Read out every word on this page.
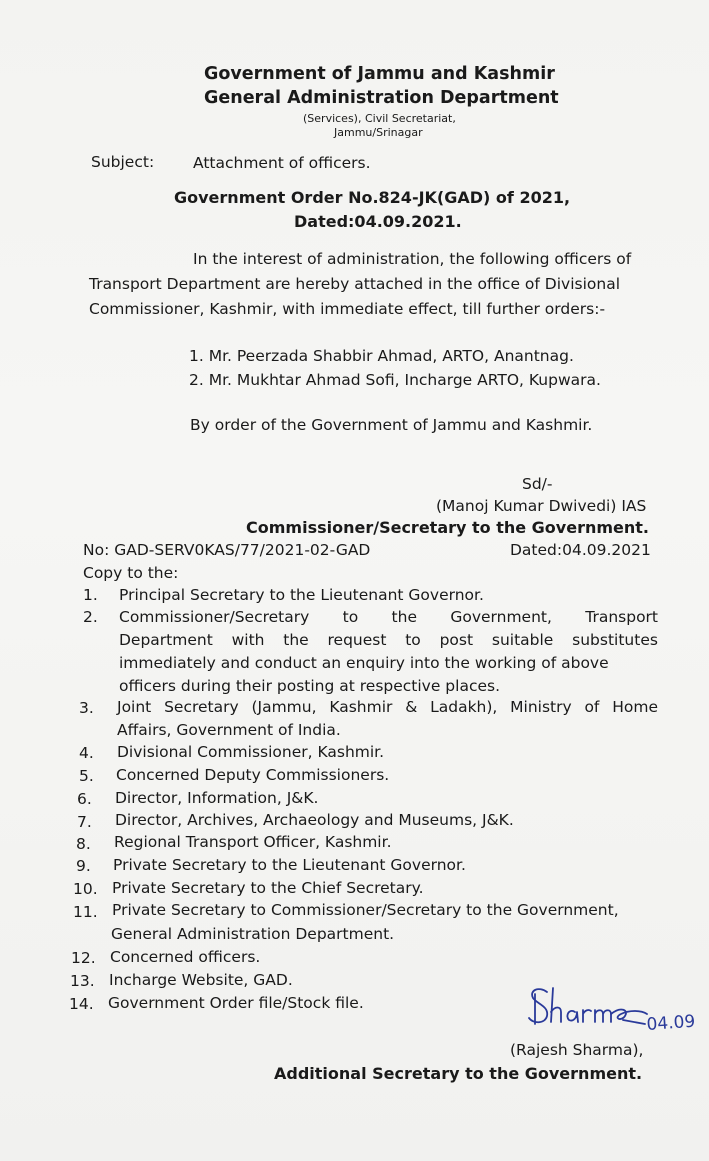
Government of Jammu and Kashmir
General Administration Department
(Services), Civil Secretariat,
Jammu/Srinagar
Subject:	Attachment of officers.
Government Order No.824-JK(GAD) of 2021,
Dated:04.09.2021.
In the interest of administration, the following officers of
Transport Department are hereby attached in the office of Divisional
Commissioner, Kashmir, with immediate effect, till further orders:-
1. Mr. Peerzada Shabbir Ahmad, ARTO, Anantnag.
2. Mr. Mukhtar Ahmad Sofi, Incharge ARTO, Kupwara.
By order of the Government of Jammu and Kashmir.
Sd/-
(Manoj Kumar Dwivedi) IAS
Commissioner/Secretary to the Government.
No: GAD-SERV0KAS/77/2021-02-GAD	Dated:04.09.2021
Copy to the:
1. Principal Secretary to the Lieutenant Governor.
2. Commissioner/Secretary to the Government, Transport
Department with the request to post suitable substitutes
immediately and conduct an enquiry into the working of above
officers during their posting at respective places.
3. Joint Secretary (Jammu, Kashmir & Ladakh), Ministry of Home
Affairs, Government of India.
4. Divisional Commissioner, Kashmir.
5. Concerned Deputy Commissioners.
6. Director, Information, J&K.
7. Director, Archives, Archaeology and Museums, J&K.
8. Regional Transport Officer, Kashmir.
9. Private Secretary to the Lieutenant Governor.
10. Private Secretary to the Chief Secretary.
11. Private Secretary to Commissioner/Secretary to the Government,
General Administration Department.
12. Concerned officers.
13. Incharge Website, GAD.
14. Government Order file/Stock file.
04.09
(Rajesh Sharma),
Additional Secretary to the Government.
